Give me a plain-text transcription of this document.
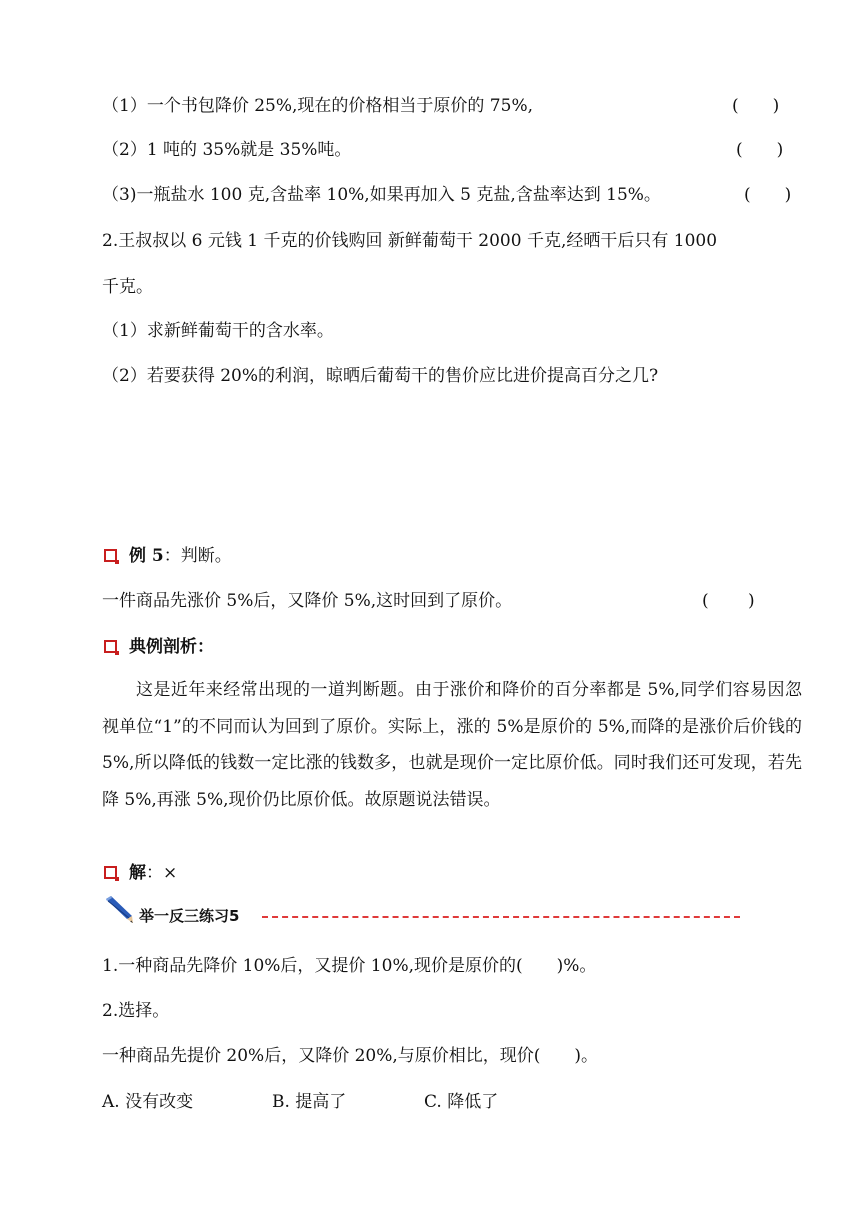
（1）一个书包降价 25%,现在的价格相当于原价的 75%,	(　　)
（2）1 吨的 35%就是 35%吨。	(　　)
（3)一瓶盐水 100 克,含盐率 10%,如果再加入 5 克盐,含盐率达到 15%。	(　　)
2.王叔叔以 6 元钱 1 千克的价钱购回 新鲜葡萄干 2000 千克,经晒干后只有 1000
千克。
（1）求新鲜葡萄干的含水率。
（2）若要获得 20%的利润，晾晒后葡萄干的售价应比进价提高百分之几?
例 5：判断。
一件商品先涨价 5%后，又降价 5%,这时回到了原价。	(　　 )
典例剖析：
这是近年来经常出现的一道判断题。由于涨价和降价的百分率都是 5%,同学们容易因忽视单位“1”的不同而认为回到了原价。实际上，涨的 5%是原价的 5%,而降的是涨价后价钱的 5%,所以降低的钱数一定比涨的钱数多，也就是现价一定比原价低。同时我们还可发现，若先降 5%,再涨 5%,现价仍比原价低。故原题说法错误。
解：×
举一反三练习5
1.一种商品先降价 10%后，又提价 10%,现价是原价的(　　)%。
2.选择。
一种商品先提价 20%后，又降价 20%,与原价相比，现价(　　)。
A. 没有改变	B. 提高了	C. 降低了
